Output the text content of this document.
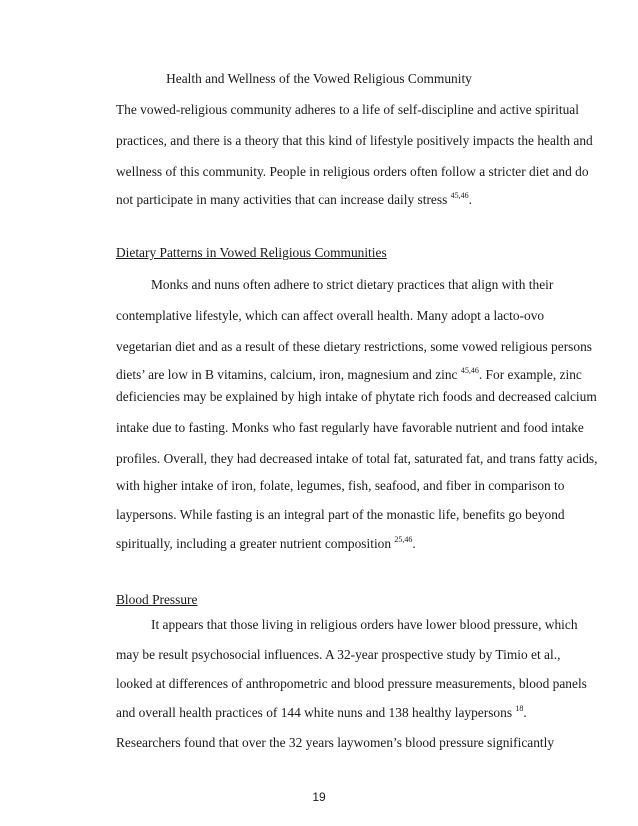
Health and Wellness of the Vowed Religious Community
The vowed-religious community adheres to a life of self-discipline and active spiritual
practices, and there is a theory that this kind of lifestyle positively impacts the health and
wellness of this community. People in religious orders often follow a stricter diet and do
not participate in many activities that can increase daily stress $^{45,46}$.
Dietary Patterns in Vowed Religious Communities
Monks and nuns often adhere to strict dietary practices that align with their
contemplative lifestyle, which can affect overall health. Many adopt a lacto-ovo
vegetarian diet and as a result of these dietary restrictions, some vowed religious persons
diets’ are low in B vitamins, calcium, iron, magnesium and zinc $^{45,46}$. For example, zinc
deficiencies may be explained by high intake of phytate rich foods and decreased calcium
intake due to fasting. Monks who fast regularly have favorable nutrient and food intake
profiles. Overall, they had decreased intake of total fat, saturated fat, and trans fatty acids,
with higher intake of iron, folate, legumes, fish, seafood, and fiber in comparison to
laypersons. While fasting is an integral part of the monastic life, benefits go beyond
spiritually, including a greater nutrient composition $^{25,46}$.
Blood Pressure
It appears that those living in religious orders have lower blood pressure, which
may be result psychosocial influences. A 32-year prospective study by Timio et al.,
looked at differences of anthropometric and blood pressure measurements, blood panels
and overall health practices of 144 white nuns and 138 healthy laypersons $^{18}$.
Researchers found that over the 32 years laywomen’s blood pressure significantly
19
